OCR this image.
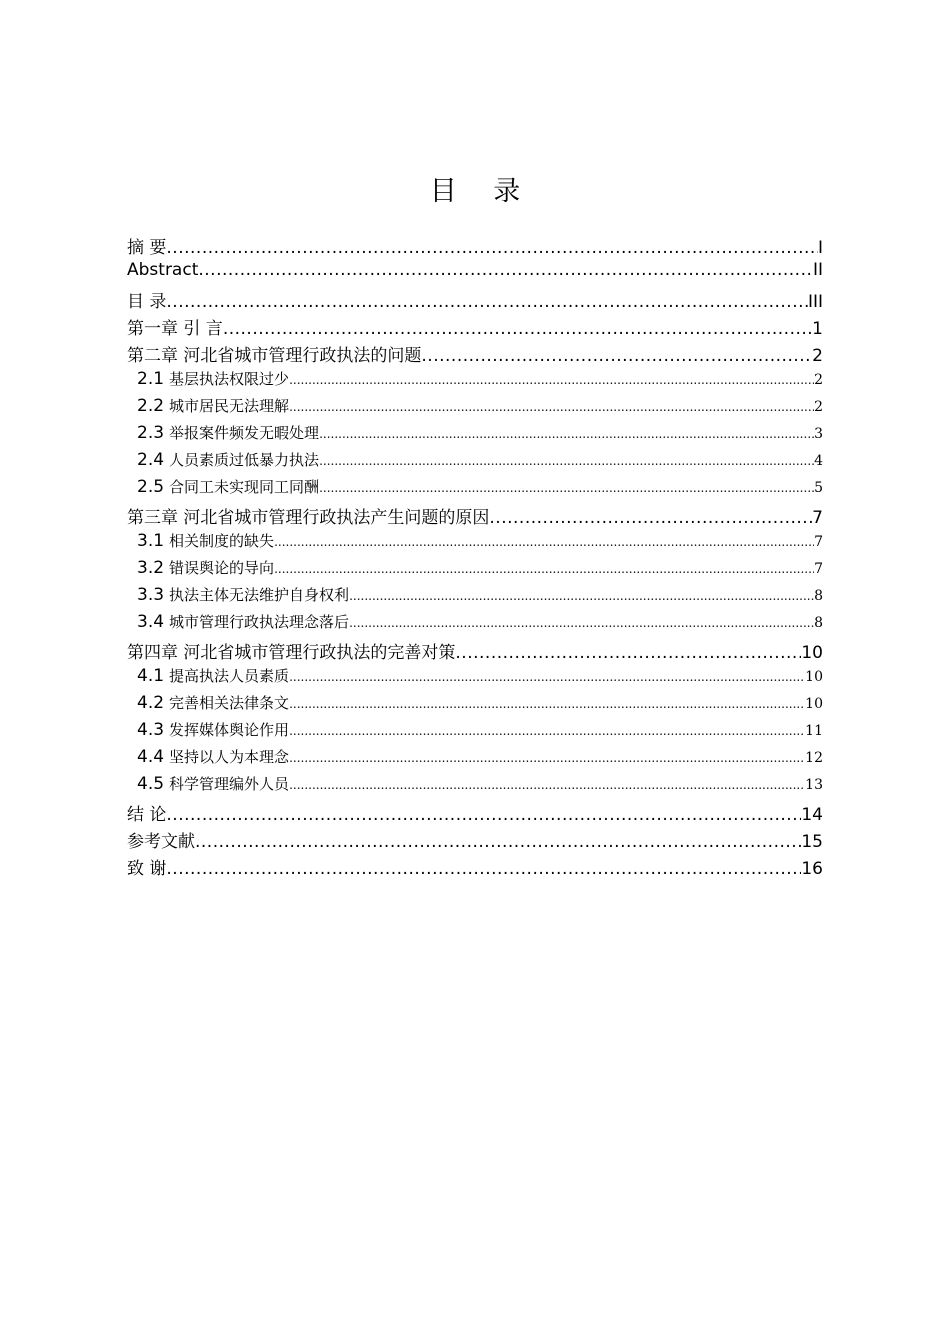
目 录
摘 要 .....	I
Abstract .....	II
目 录 .....	III
第一章 引 言 .....	1
第二章 河北省城市管理行政执法的问题 .....	2
2.1 基层执法权限过少 .....	2
2.2 城市居民无法理解 .....	2
2.3 举报案件频发无暇处理 .....	3
2.4 人员素质过低暴力执法 .....	4
2.5 合同工未实现同工同酬 .....	5
第三章 河北省城市管理行政执法产生问题的原因 .....	7
3.1 相关制度的缺失 .....	7
3.2 错误舆论的导向 .....	7
3.3 执法主体无法维护自身权利 .....	8
3.4 城市管理行政执法理念落后 .....	8
第四章 河北省城市管理行政执法的完善对策 .....	10
4.1 提高执法人员素质 .....	10
4.2 完善相关法律条文 .....	10
4.3 发挥媒体舆论作用 .....	11
4.4 坚持以人为本理念 .....	12
4.5 科学管理编外人员 .....	13
结 论 .....	14
参考文献 .....	15
致 谢 .....	16
